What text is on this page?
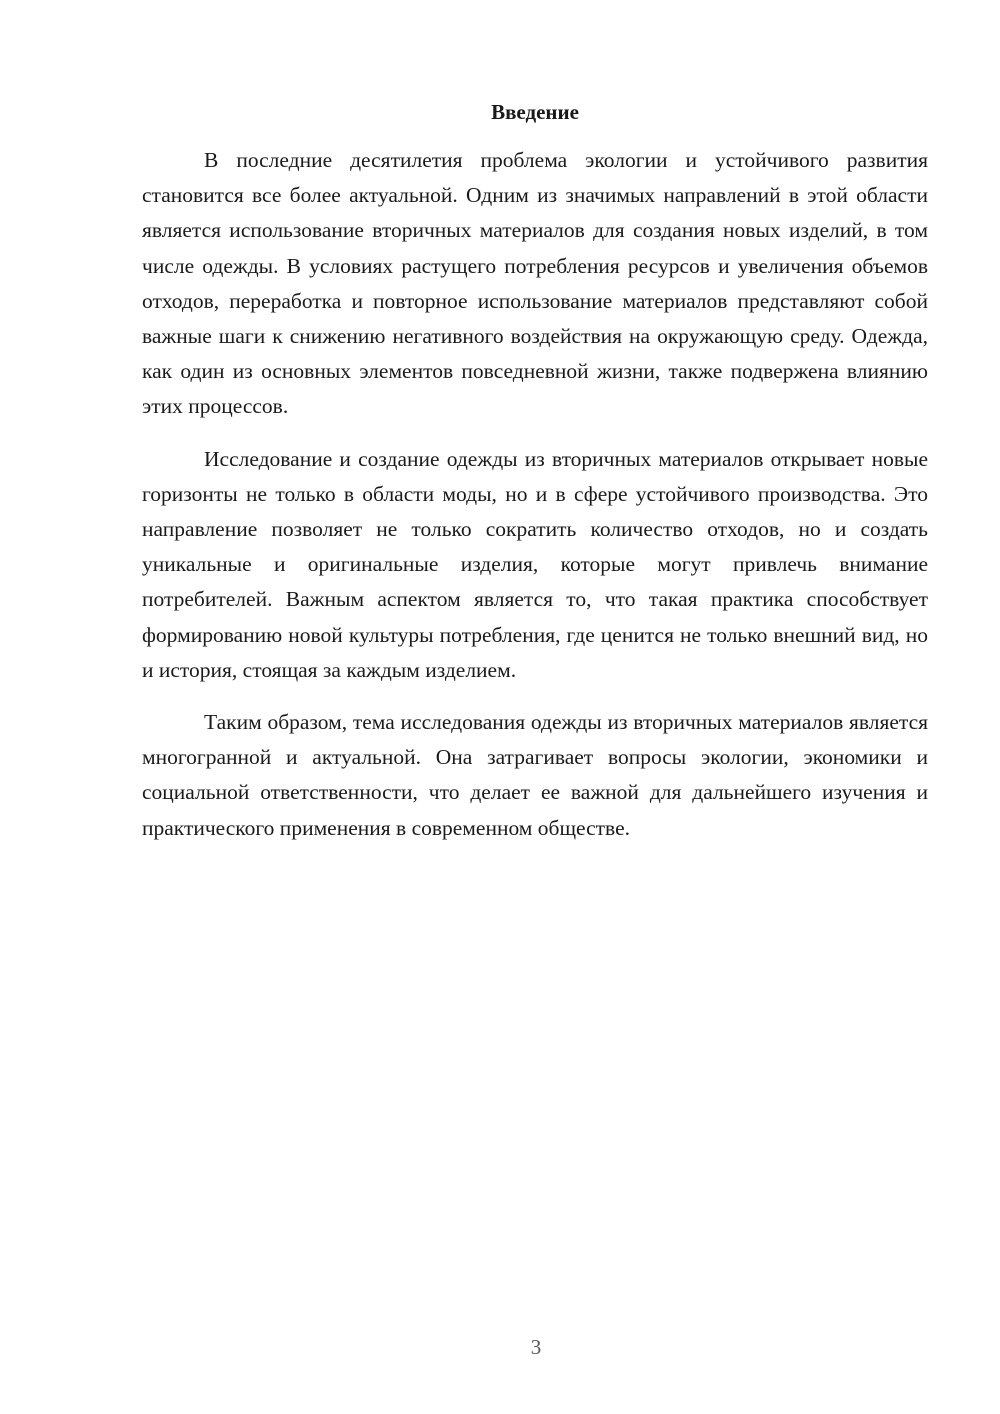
Введение

В последние десятилетия проблема экологии и устойчивого развития становится все более актуальной. Одним из значимых направлений в этой области является использование вторичных материалов для создания новых изделий, в том числе одежды. В условиях растущего потребления ресурсов и увеличения объемов отходов, переработка и повторное использование материалов представляют собой важные шаги к снижению негативного воздействия на окружающую среду. Одежда, как один из основных элементов повседневной жизни, также подвержена влиянию этих процессов.

Исследование и создание одежды из вторичных материалов открывает новые горизонты не только в области моды, но и в сфере устойчивого производства. Это направление позволяет не только сократить количество отходов, но и создать уникальные и оригинальные изделия, которые могут привлечь внимание потребителей. Важным аспектом является то, что такая практика способствует формированию новой культуры потребления, где ценится не только внешний вид, но и история, стоящая за каждым изделием.

Таким образом, тема исследования одежды из вторичных материалов является многогранной и актуальной. Она затрагивает вопросы экологии, экономики и социальной ответственности, что делает ее важной для дальнейшего изучения и практического применения в современном обществе.

3
